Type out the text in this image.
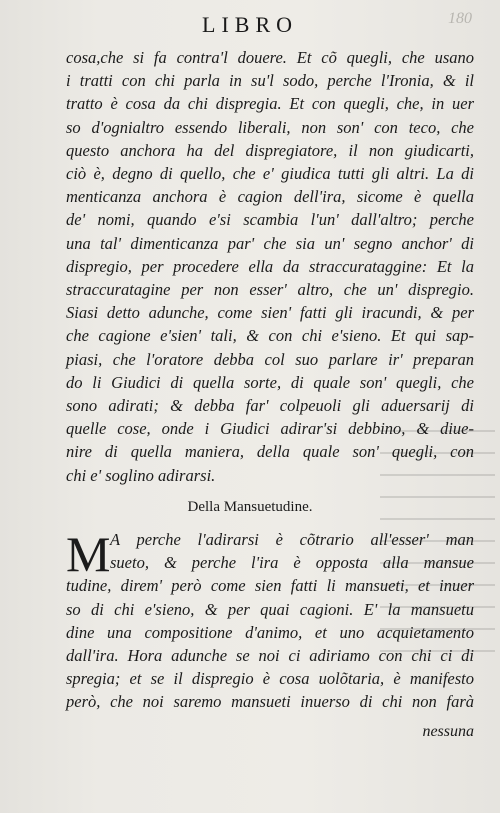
180
LIBRO
cosa,che si fa contra'l douere. Et cõ quegli, che usano
i tratti con chi parla in su'l sodo, perche l'Ironia, & il
tratto è cosa da chi dispregia. Et con quegli, che, in uer
so d'ognialtro essendo liberali, non son' con teco, che
questo anchora ha del dispregiatore, il non giudicarti,
ciò è, degno di quello, che e' giudica tutti gli altri. La di
menticanza anchora è cagion dell'ira, sicome è quella
de' nomi, quando e'si scambia l'un' dall'altro; perche
una tal' dimenticanza par' che sia un' segno anchor' di
dispregio, per procedere ella da straccurataggine: Et la
straccuratagine per non esser' altro, che un' dispregio.
Siasi detto adunche, come sien' fatti gli iracundi, & per
che cagione e'sien' tali, & con chi e'sieno. Et qui sap-
piasi, che l'oratore debba col suo parlare ir' preparan
do li Giudici di quella sorte, di quale son' quegli, che
sono adirati; & debba far' colpeuoli gli aduersarij di
quelle cose, onde i Giudici adirar'si debbino, & diue-
nire di quella maniera, della quale son' quegli, con
chi e' soglino adirarsi.
Della Mansuetudine.
M A perche l'adirarsi è cõtrario all'esser' man
sueto, & perche l'ira è opposta alla mansue
tudine, direm' però come sien fatti li mansueti, et inuer
so di chi e'sieno, & per quai cagioni. E' la mansuetu
dine una compositione d'animo, et uno acquietamento
dall'ira. Hora adunche se noi ci adiriamo con chi ci di
spregia; et se il dispregio è cosa uolõtaria, è manifesto
però, che noi saremo mansueti inuerso di chi non farà
nessuna
